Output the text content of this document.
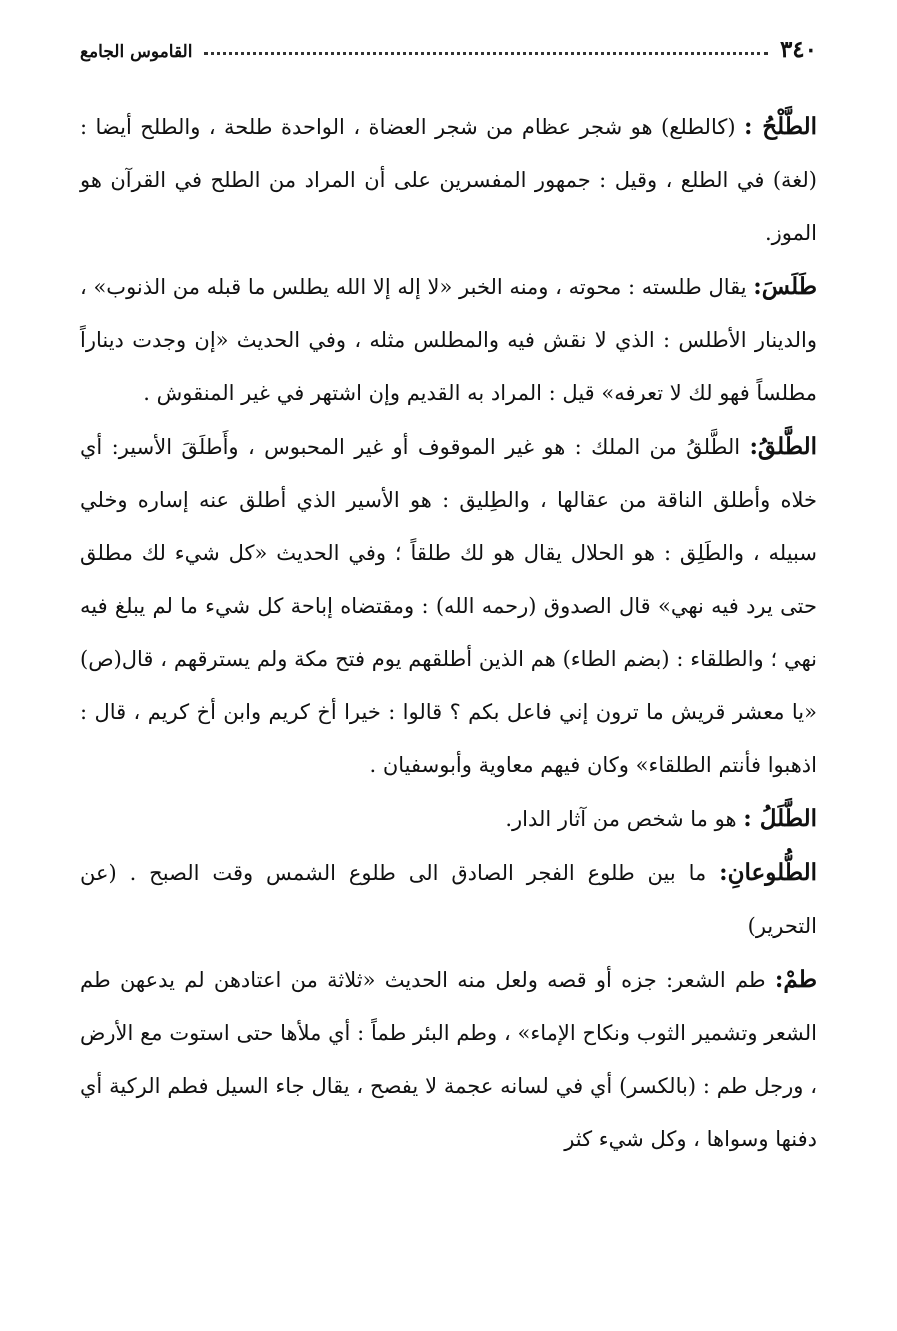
٣٤٠
القاموس الجامع

الطَّلْحُ : (كالطلع) هو شجر عظام من شجر العضاة ، الواحدة طلحة ، والطلح أيضا : (لغة) في الطلع ، وقيل : جمهور المفسرين على أن المراد من الطلح في القرآن هو الموز.

طَلَسَ: يقال طلسته : محوته ، ومنه الخبر «لا إله إلا الله يطلس ما قبله من الذنوب» ، والدينار الأطلس : الذي لا نقش فيه والمطلس مثله ، وفي الحديث «إن وجدت ديناراً مطلساً فهو لك لا تعرفه» قيل : المراد به القديم وإن اشتهر في غير المنقوش .

الطَّلقُ: الطَّلقُ من الملك : هو غير الموقوف أو غير المحبوس ، وأَطلَقَ الأسير: أي خلاه وأطلق الناقة من عقالها ، والطِليق : هو الأسير الذي أطلق عنه إساره وخلي سبيله ، والطَلِق : هو الحلال يقال هو لك طلقاً ؛ وفي الحديث «كل شيء لك مطلق حتى يرد فيه نهي» قال الصدوق (رحمه الله) : ومقتضاه إباحة كل شيء ما لم يبلغ فيه نهي ؛ والطلقاء : (بضم الطاء) هم الذين أطلقهم يوم فتح مكة ولم يسترقهم ، قال(ص) «يا معشر قريش ما ترون إني فاعل بكم ؟ قالوا : خيرا أخ كريم وابن أخ كريم ، قال : اذهبوا فأنتم الطلقاء» وكان فيهم معاوية وأبوسفيان .

الطَّلَلُ : هو ما شخص من آثار الدار.

الطُّلوعانِ: ما بين طلوع الفجر الصادق الى طلوع الشمس وقت الصبح . (عن التحرير)

طمْ: طم الشعر: جزه أو قصه ولعل منه الحديث «ثلاثة من اعتادهن لم يدعهن طم الشعر وتشمير الثوب ونكاح الإماء» ، وطم البئر طماً : أي ملأها حتى استوت مع الأرض ، ورجل طم : (بالكسر) أي في لسانه عجمة لا يفصح ، يقال جاء السيل فطم الركية أي دفنها وسواها ، وكل شيء كثر
